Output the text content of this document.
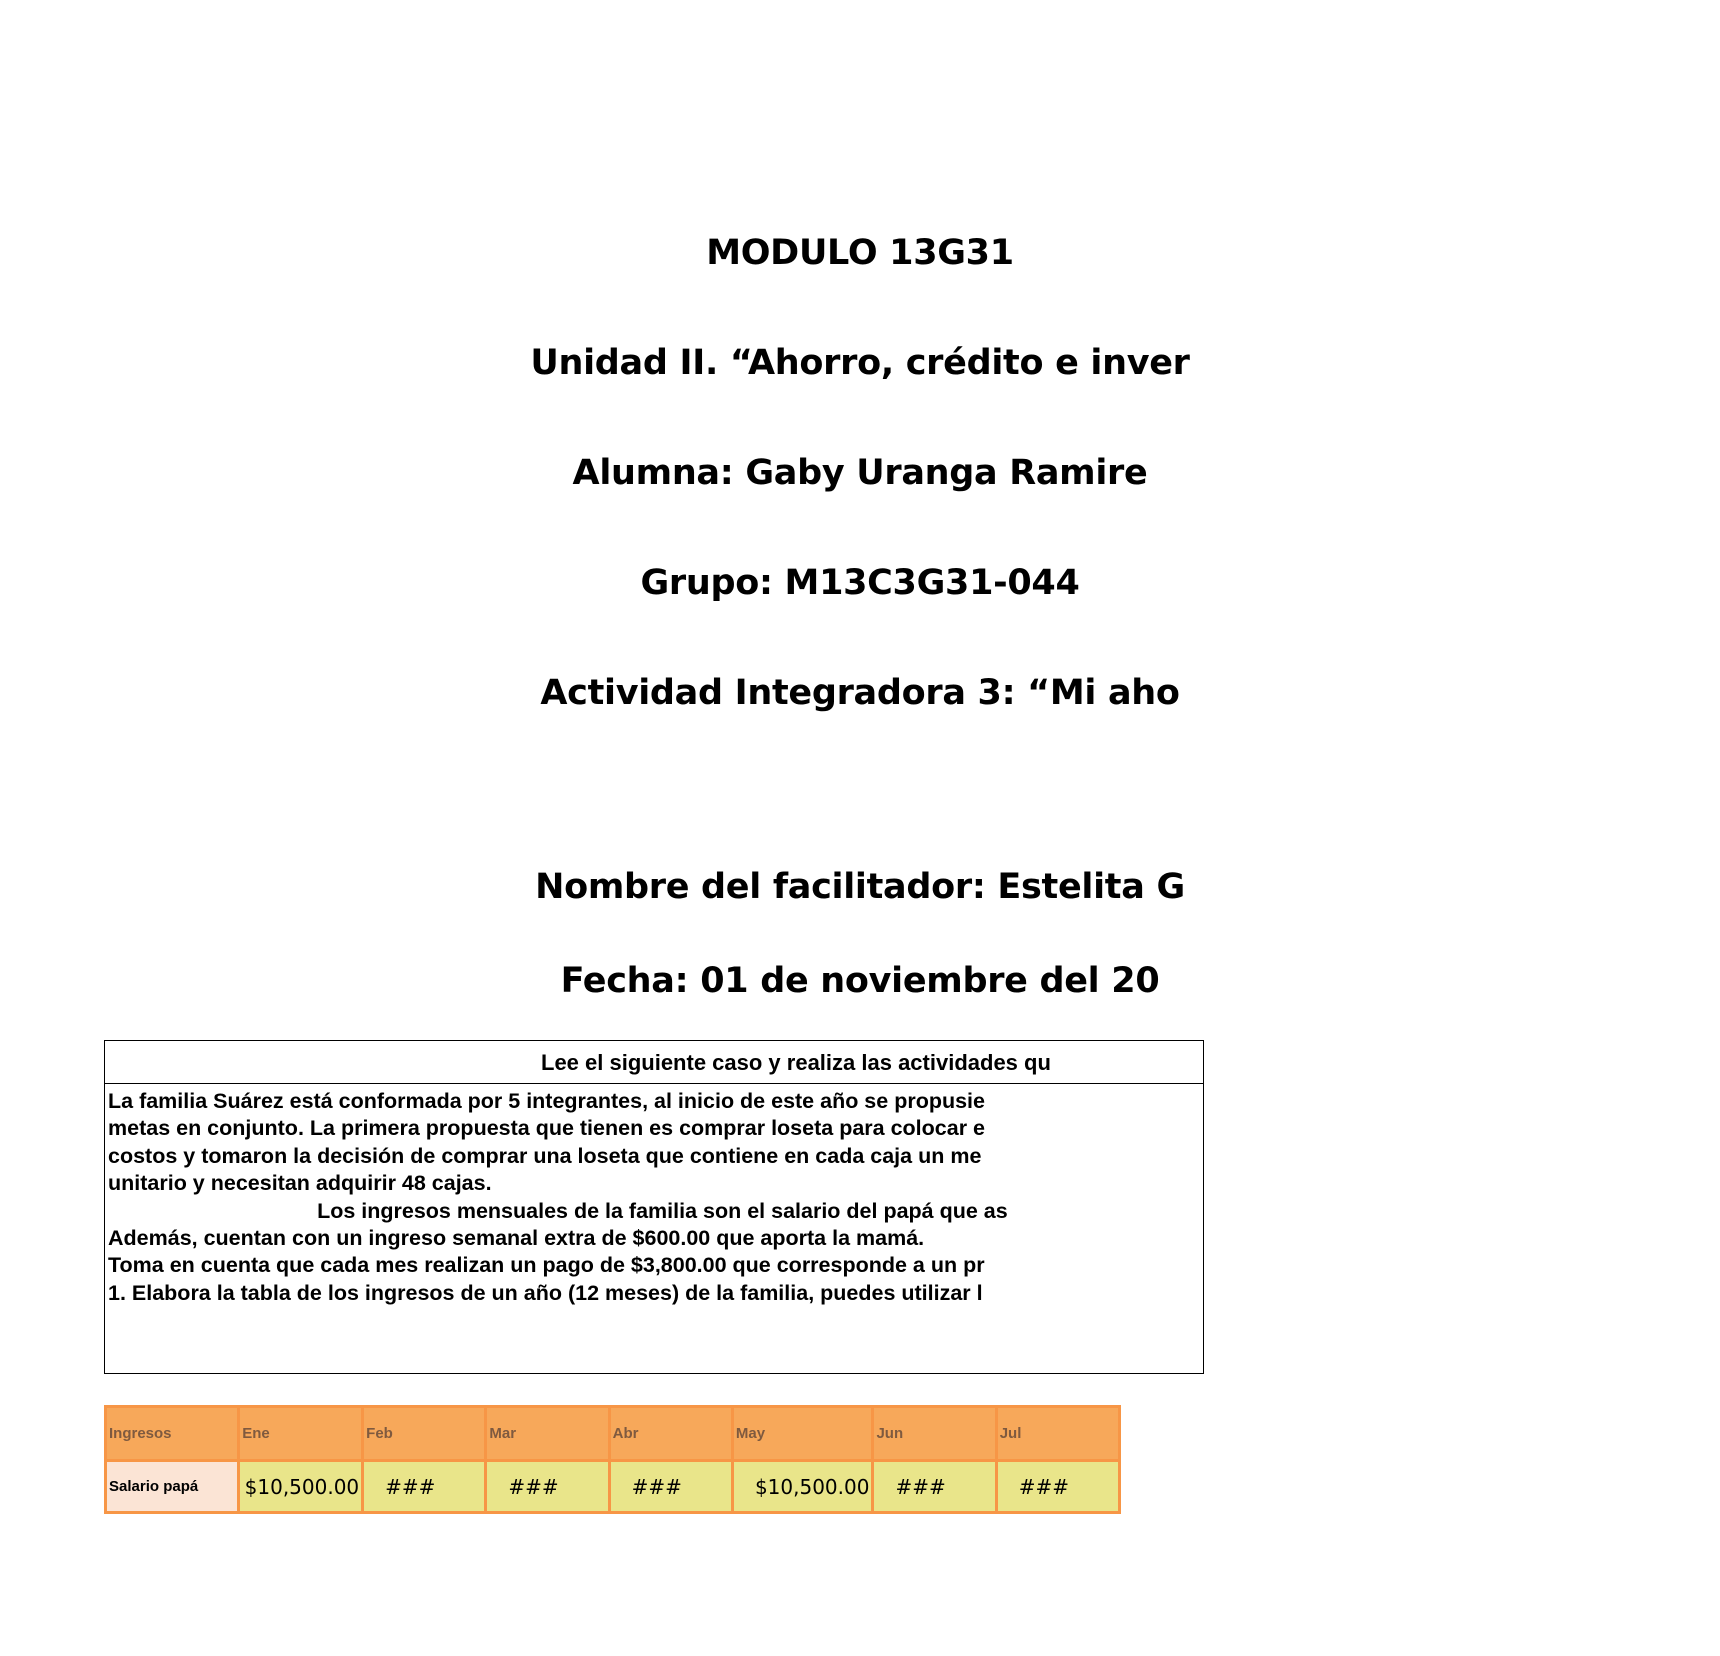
MODULO 13G31
Unidad II. “Ahorro, crédito e inver
Alumna: Gaby Uranga Ramire
Grupo: M13C3G31-044
Actividad Integradora 3: “Mi aho
Nombre del facilitador: Estelita G
Fecha: 01 de noviembre del 20
Lee el siguiente caso y realiza las actividades qu
La familia Suárez está conformada por 5 integrantes, al inicio de este año se propusie
metas en conjunto. La primera propuesta que tienen es comprar loseta para colocar e
costos y tomaron la decisión de comprar una loseta que contiene en cada caja un me
unitario y necesitan adquirir 48 cajas.
Los ingresos mensuales de la familia son el salario del papá que as
Además, cuentan con un ingreso semanal extra de $600.00 que aporta la mamá.
Toma en cuenta que cada mes realizan un pago de $3,800.00 que corresponde a un pr
1. Elabora la tabla de los ingresos de un año (12 meses) de la familia, puedes utilizar l
Ingresos	Ene	Feb	Mar	Abr	May	Jun	Jul
Salario papá	$10,500.00	###	###	###	$10,500.00	###	###
